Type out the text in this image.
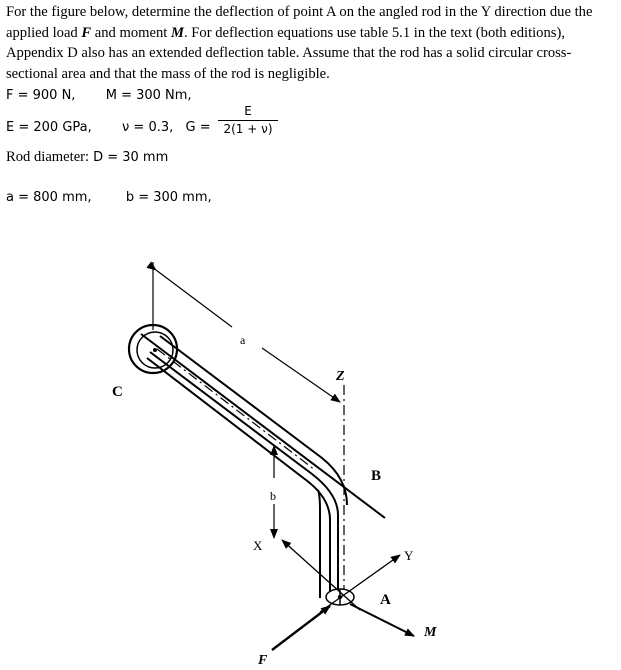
For the figure below, determine the deflection of point A on the angled rod in the Y direction due the applied load F and moment M. For deflection equations use table 5.1 in the text (both editions), Appendix D also has an extended deflection table. Assume that the rod has a solid circular cross-sectional area and that the mass of the rod is negligible.

F = 900 N, M = 300 Nm,
E = 200 GPa, ν = 0.3, G =
E
2(1 + ν)
Rod diameter: D = 30 mm
a = 800 mm,	b = 300 mm,
a
b
C
Z
B
X
Y
A
M
F
